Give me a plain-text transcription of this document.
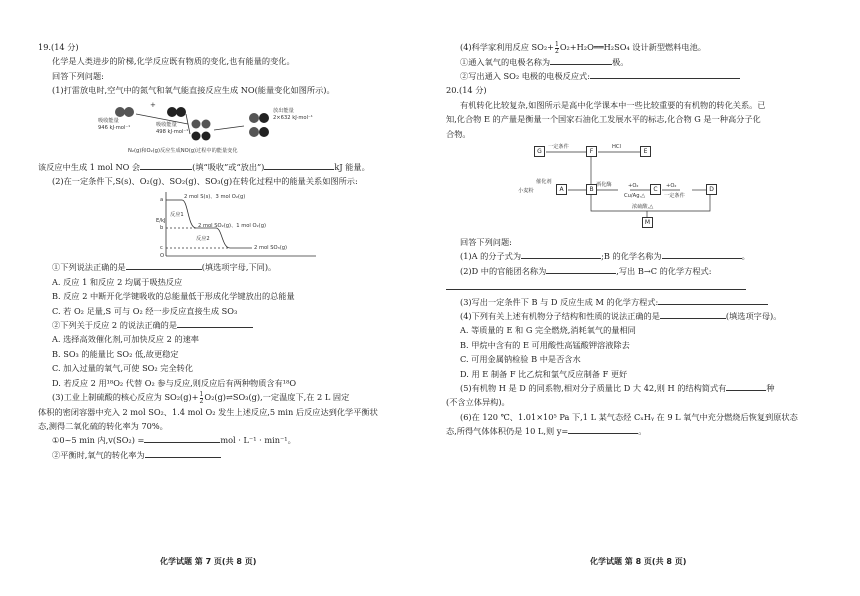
19.(14 分)
化学是人类进步的阶梯,化学反应既有物质的变化,也有能量的变化。
回答下列问题:
(1)打雷放电时,空气中的氮气和氧气能直接反应生成 NO(能量变化如图所示)。
吸收能量
946 kJ·mol⁻¹	吸收能量
498 kJ·mol⁻¹
+
放出能量
2×632 kJ·mol⁻¹
N₂(g)和O₂(g)反应生成NO(g)过程中的能量变化
该反应中生成 1 mol NO 会	(填“吸收”或“放出”)	kJ 能量。
(2)在一定条件下,S(s)、O₂(g)、SO₂(g)、SO₃(g)在转化过程中的能量关系如图所示:
E/kJ
a
b
c
O
2 mol S(s)、3 mol O₂(g)
反应1
2 mol SO₂(g)、1 mol O₂(g)
反应2
2 mol SO₃(g)
①下列说法正确的是	(填选项字母,下同)。
A. 反应 1 和反应 2 均属于吸热反应
B. 反应 2 中断开化学键吸收的总能量低于形成化学键放出的总能量
C. 若 O₂ 足量,S 可与 O₂ 经一步反应直接生成 SO₃
②下列关于反应 2 的说法正确的是
A. 选择高效催化剂,可加快反应 2 的速率
B. SO₃ 的能量比 SO₂ 低,故更稳定
C. 加入过量的氧气,可使 SO₂ 完全转化
D. 若反应 2 用¹⁸O₂ 代替 O₂ 参与反应,则反应后有两种物质含有¹⁸O
(3)工业上制硫酸的核心反应为 $SO_2(g)+ \frac{1}{2}$ O₂(g)⇌SO₃(g),一定温度下,在 2 L 固定
体积的密闭容器中充入 2 mol SO₂、1.4 mol O₂ 发生上述反应,5 min 后反应达到化学平衡状
态,测得二氧化硫的转化率为 70%。
①0~5 min 内,v(SO₂) =	mol · L⁻¹ · min⁻¹。
②平衡时,氧气的转化率为
化学试题 第 7 页(共 8 页)
(4)科学家利用反应 $SO_2+ \frac{1}{2}$ O₂+H₂O══H₂SO₄ 设计新型燃料电池。
①通入氧气的电极名称为	极。
②写出通入 SO₂ 电极的电极反应式:
20.(14 分)
有机转化比较复杂,如图所示是高中化学课本中一些比较重要的有机物的转化关系。已
知,化合物 E 的产量是衡量一个国家石油化工发展水平的标志,化合物 G 是一种高分子化
合物。
G	F	E
A	B	C	D
M
一定条件	HCl
小麦粉
催化剂	酒化酶	+O₂
Cu/Ag,△
+O₂
一定条件
浓硫酸,△
回答下列问题:
(1)A 的分子式为	;B 的化学名称为	。
(2)D 中的官能团名称为	,写出 B→C 的化学方程式:
(3)写出一定条件下 B 与 D 反应生成 M 的化学方程式:
(4)下列有关上述有机物分子结构和性质的说法正确的是	(填选项字母)。
A. 等质量的 E 和 G 完全燃烧,消耗氧气的量相同
B. 甲烷中含有的 E 可用酸性高锰酸钾溶液除去
C. 可用金属钠检验 B 中是否含水
D. 用 E 制备 F 比乙烷和氯气反应制备 F 更好
(5)有机物 H 是 D 的同系物,相对分子质量比 D 大 42,则 H 的结构简式有	种
(不含立体异构)。
(6)在 120 ℃、1.01×10⁵ Pa 下,1 L 某气态烃 CₓHᵧ 在 9 L 氧气中充分燃烧后恢复到原状态
态,所得气体体积仍是 10 L,则 y=	。
化学试题 第 8 页(共 8 页)
